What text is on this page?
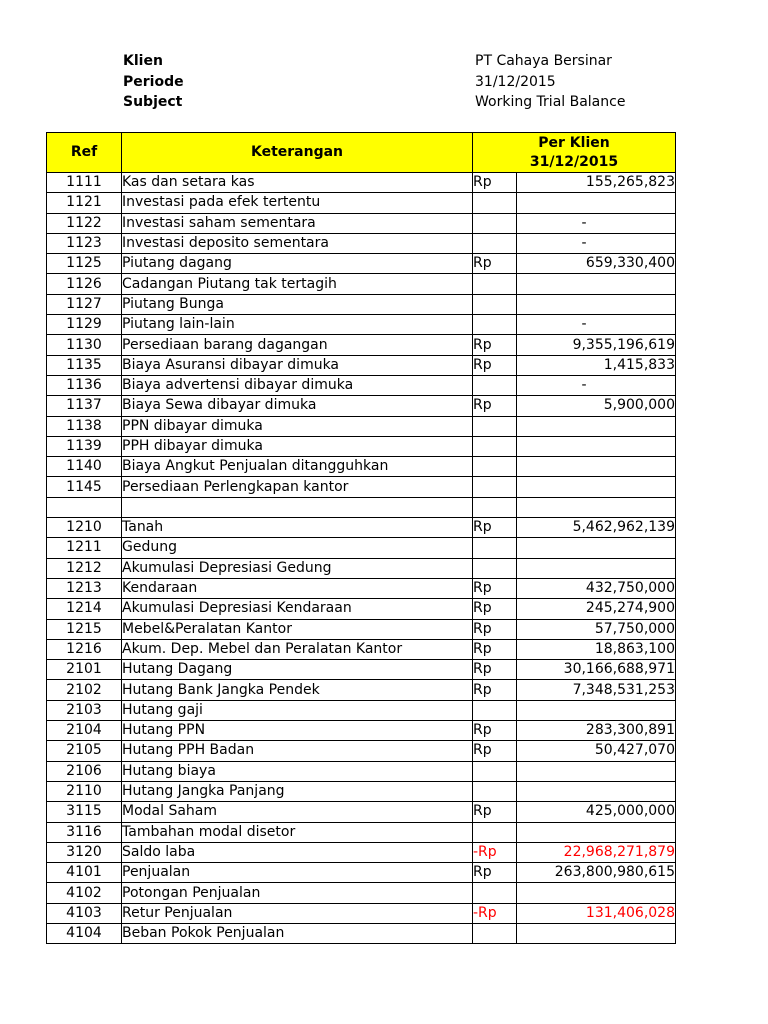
Klien	PT Cahaya Bersinar
Periode	31/12/2015
Subject	Working Trial Balance
Ref	Keterangan	Per Klien
31/12/2015	

1111	Kas dan setara kas	Rp	155,265,823
1121	Investasi pada efek tertentu		
1122	Investasi saham sementara		-
1123	Investasi deposito sementara		-
1125	Piutang dagang	Rp	659,330,400
1126	Cadangan Piutang tak tertagih		
1127	Piutang Bunga		
1129	Piutang lain-lain		-
1130	Persediaan barang dagangan	Rp	9,355,196,619
1135	Biaya Asuransi dibayar dimuka	Rp	1,415,833
1136	Biaya advertensi dibayar dimuka		-
1137	Biaya Sewa dibayar dimuka	Rp	5,900,000
1138	PPN dibayar dimuka		
1139	PPH dibayar dimuka		
1140	Biaya Angkut Penjualan ditangguhkan		
1145	Persediaan Perlengkapan kantor		

1210	Tanah	Rp	5,462,962,139
1211	Gedung		
1212	Akumulasi Depresiasi Gedung		
1213	Kendaraan	Rp	432,750,000
1214	Akumulasi Depresiasi Kendaraan	Rp	245,274,900
1215	Mebel&Peralatan Kantor	Rp	57,750,000
1216	Akum. Dep. Mebel dan Peralatan Kantor	Rp	18,863,100
2101	Hutang Dagang	Rp	30,166,688,971
2102	Hutang Bank Jangka Pendek	Rp	7,348,531,253
2103	Hutang gaji		
2104	Hutang PPN	Rp	283,300,891
2105	Hutang PPH Badan	Rp	50,427,070
2106	Hutang biaya		
2110	Hutang Jangka Panjang		
3115	Modal Saham	Rp	425,000,000
3116	Tambahan modal disetor		
3120	Saldo laba	-Rp	22,968,271,879
4101	Penjualan	Rp	263,800,980,615
4102	Potongan Penjualan		
4103	Retur Penjualan	-Rp	131,406,028
4104	Beban Pokok Penjualan		
